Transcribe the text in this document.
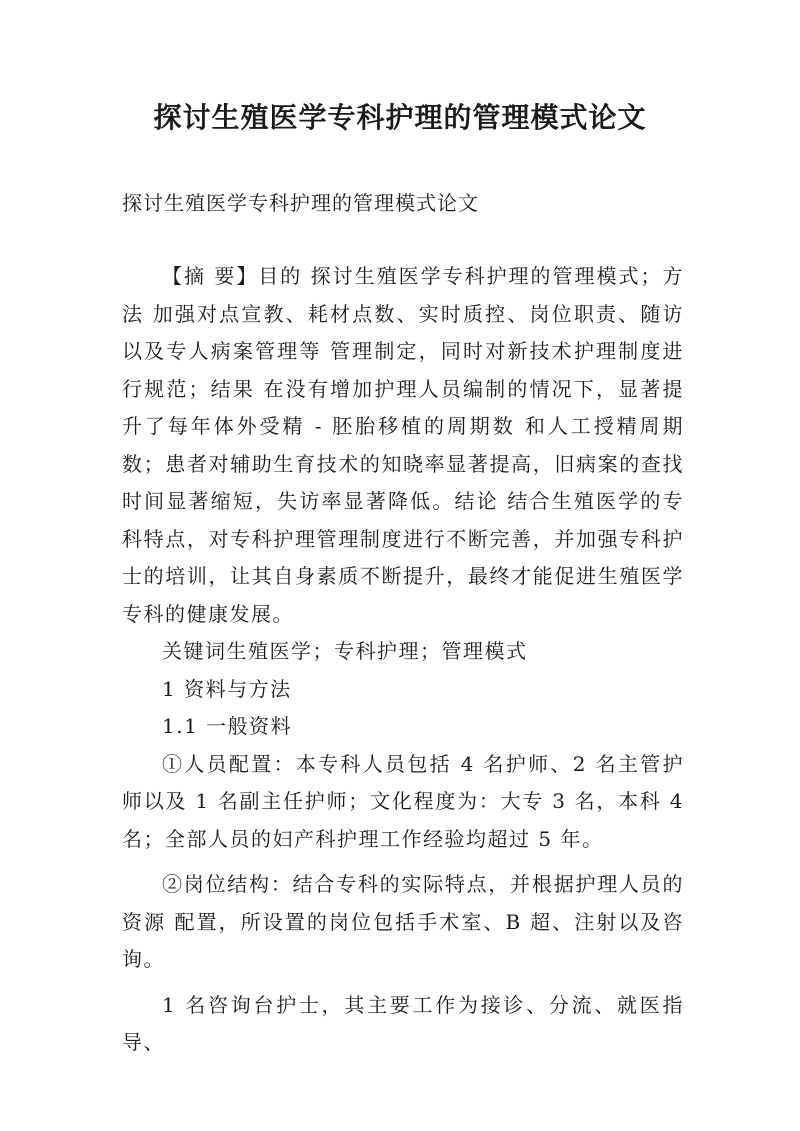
探讨生殖医学专科护理的管理模式论文

探讨生殖医学专科护理的管理模式论文

【摘 要】目的 探讨生殖医学专科护理的管理模式；方法 加强对点宣教、耗材点数、实时质控、岗位职责、随访以及专人病案管理等 管理制定，同时对新技术护理制度进行规范；结果 在没有增加护理人员编制的情况下，显著提升了每年体外受精 - 胚胎移植的周期数 和人工授精周期数；患者对辅助生育技术的知晓率显著提高，旧病案的查找时间显著缩短，失访率显著降低。结论 结合生殖医学的专科特点，对专科护理管理制度进行不断完善，并加强专科护士的培训，让其自身素质不断提升，最终才能促进生殖医学专科的健康发展。

关键词生殖医学；专科护理；管理模式

1 资料与方法

1.1 一般资料

①人员配置：本专科人员包括 4 名护师、2 名主管护师以及 1 名副主任护师；文化程度为：大专 3 名，本科 4 名；全部人员的妇产科护理工作经验均超过 5 年。

②岗位结构：结合专科的实际特点，并根据护理人员的资源 配置，所设置的岗位包括手术室、B 超、注射以及咨询。

1 名咨询台护士，其主要工作为接诊、分流、就医指导、
